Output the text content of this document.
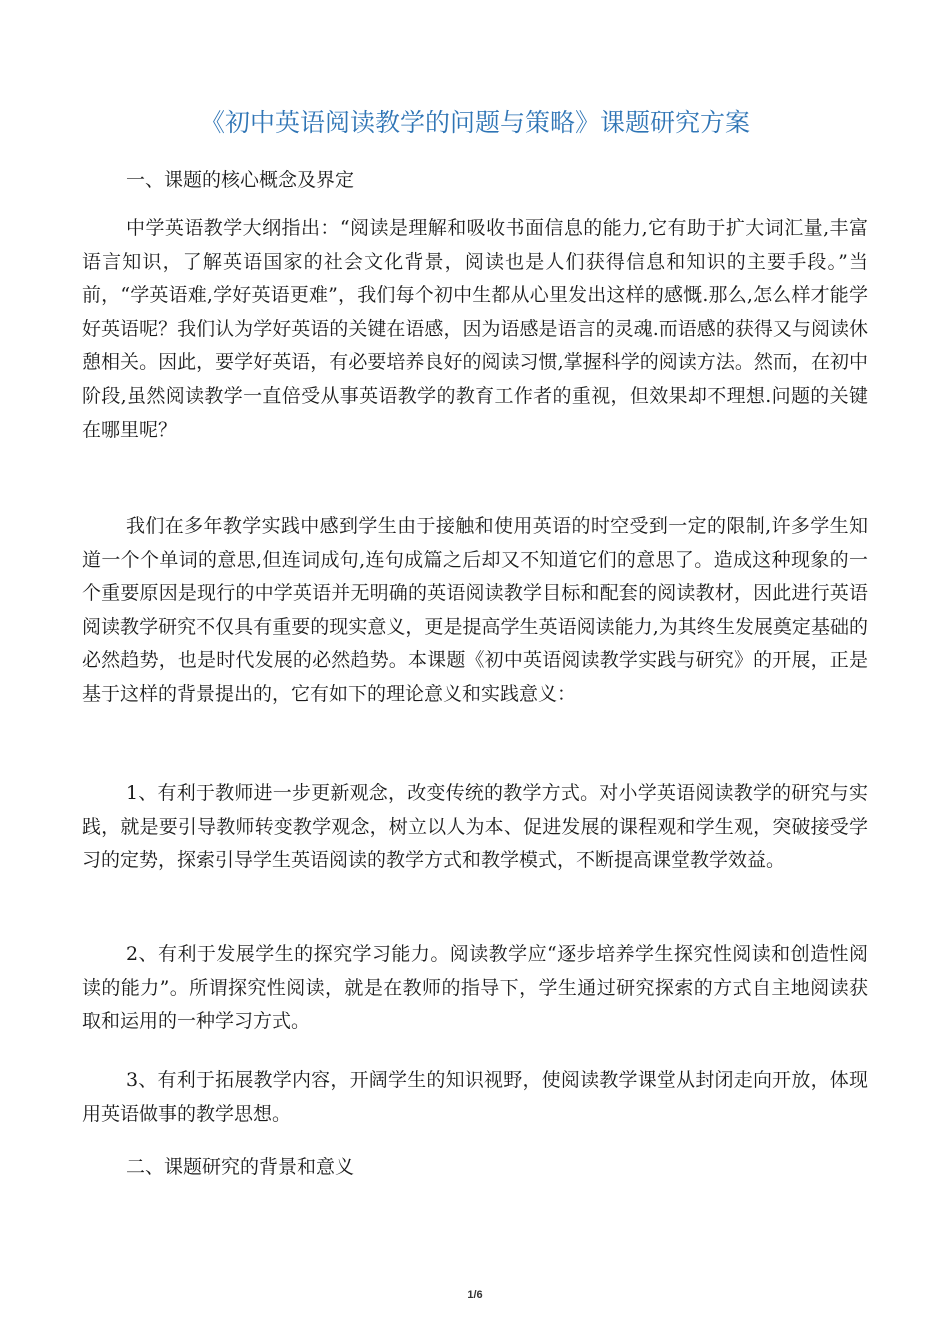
《初中英语阅读教学的问题与策略》课题研究方案
一、课题的核心概念及界定

中学英语教学大纲指出：“阅读是理解和吸收书面信息的能力,它有助于扩大词汇量,丰富语言知识，了解英语国家的社会文化背景，阅读也是人们获得信息和知识的主要手段。”当前，“学英语难,学好英语更难”，我们每个初中生都从心里发出这样的感慨.那么,怎么样才能学好英语呢？我们认为学好英语的关键在语感，因为语感是语言的灵魂.而语感的获得又与阅读休憩相关。因此，要学好英语，有必要培养良好的阅读习惯,掌握科学的阅读方法。然而，在初中阶段,虽然阅读教学一直倍受从事英语教学的教育工作者的重视，但效果却不理想.问题的关键在哪里呢？

我们在多年教学实践中感到学生由于接触和使用英语的时空受到一定的限制,许多学生知道一个个单词的意思,但连词成句,连句成篇之后却又不知道它们的意思了。造成这种现象的一个重要原因是现行的中学英语并无明确的英语阅读教学目标和配套的阅读教材，因此进行英语阅读教学研究不仅具有重要的现实意义，更是提高学生英语阅读能力,为其终生发展奠定基础的必然趋势，也是时代发展的必然趋势。本课题《初中英语阅读教学实践与研究》的开展，正是基于这样的背景提出的，它有如下的理论意义和实践意义：

1、有利于教师进一步更新观念，改变传统的教学方式。对小学英语阅读教学的研究与实践，就是要引导教师转变教学观念，树立以人为本、促进发展的课程观和学生观，突破接受学习的定势，探索引导学生英语阅读的教学方式和教学模式，不断提高课堂教学效益。

2、有利于发展学生的探究学习能力。阅读教学应“逐步培养学生探究性阅读和创造性阅读的能力”。所谓探究性阅读，就是在教师的指导下，学生通过研究探索的方式自主地阅读获取和运用的一种学习方式。

3、有利于拓展教学内容，开阔学生的知识视野，使阅读教学课堂从封闭走向开放，体现用英语做事的教学思想。

二、课题研究的背景和意义
1/6
